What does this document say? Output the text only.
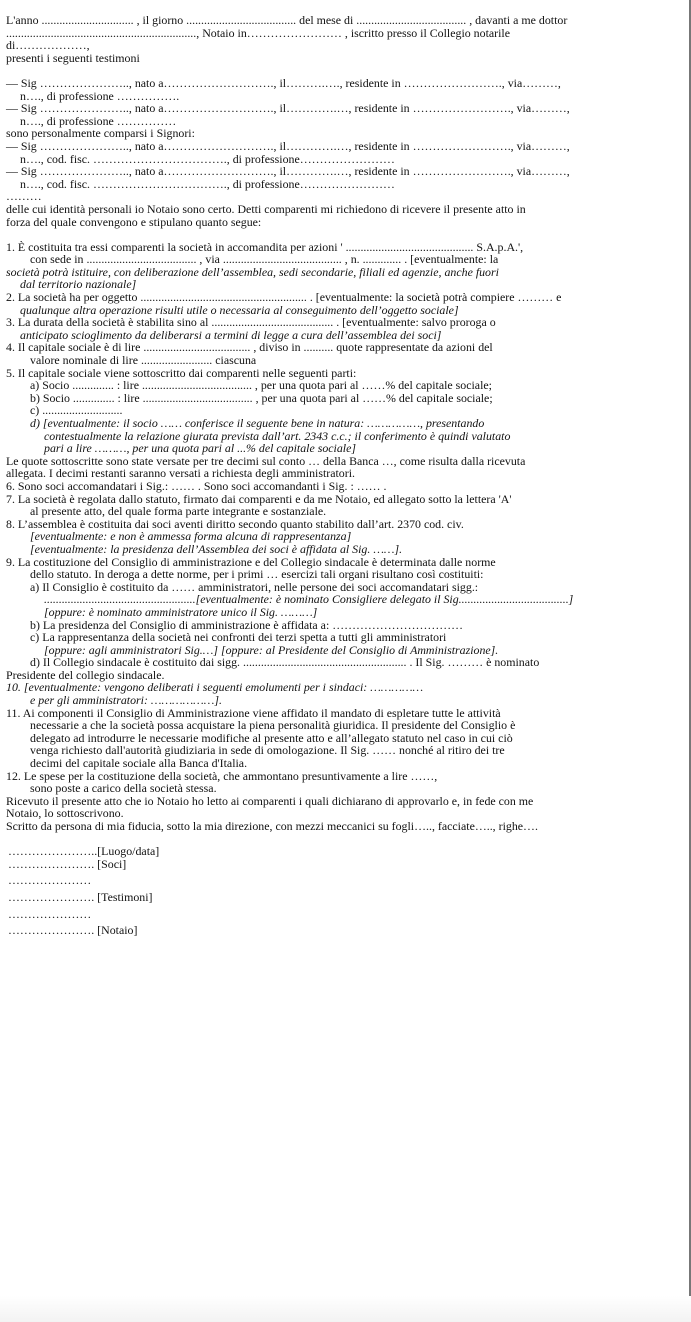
L'anno ............................... , il giorno ..................................... del mese di ..................................... , davanti a me dottor

................................................................, Notaio in…………………… , iscritto presso il Collegio notarile

di………………,

presenti i seguenti testimoni

— Sig ………………….., nato a………………………., il……….…., residente in ……………………., via………,

n…., di professione …………….

— Sig ………………….., nato a………………………., il………….…, residente in ……………………., via………,

n…., di professione ……………

sono personalmente comparsi i Signori:

— Sig ………………….., nato a………………………., il………….…, residente in ……………………., via………,

n…., cod. fisc. ……………………………., di professione……………………

— Sig ………………….., nato a………………………., il………….…, residente in ……………………., via………,

n…., cod. fisc. ……………………………., di professione……………………

………

delle cui identità personali io Notaio sono certo. Detti comparenti mi richiedono di ricevere il presente atto in

forza del quale convengono e stipulano quanto segue:

1. È costituita tra essi comparenti la società in accomandita per azioni ' ........................................... S.A.p.A.',

con sede in ..................................... , via ........................................ , n. ............. . [eventualmente: la

società potrà istituire, con deliberazione dell’assemblea, sedi secondarie, filiali ed agenzie, anche fuori

dal territorio nazionale]

2. La società ha per oggetto ........................................................ . [eventualmente: la società potrà compiere ……… e

qualunque altra operazione risulti utile o necessaria al conseguimento dell’oggetto sociale]

3. La durata della società è stabilita sino al ......................................... . [eventualmente: salvo proroga o

anticipato scioglimento da deliberarsi a termini di legge a cura dell’assemblea dei soci]

4. Il capitale sociale è di lire .................................... , diviso in .......... quote rappresentate da azioni del

valore nominale di lire ........................ ciascuna

5. Il capitale sociale viene sottoscritto dai comparenti nelle seguenti parti:

a) Socio .............. : lire ..................................... , per una quota pari al ……% del capitale sociale;

b) Socio .............. : lire ..................................... , per una quota pari al ……% del capitale sociale;

c) ...........................

d) [eventualmente: il socio …… conferisce il seguente bene in natura: ……………, presentando

contestualmente la relazione giurata prevista dall’art. 2343 c.c.; il conferimento è quindi valutato

pari a lire ………, per una quota pari al ...% del capitale sociale]

Le quote sottoscritte sono state versate per tre decimi sul conto … della Banca …, come risulta dalla ricevuta

allegata. I decimi restanti saranno versati a richiesta degli amministratori.

6. Sono soci accomandatari i Sig.: …… . Sono soci accomandanti i Sig. : …… .

7. La società è regolata dallo statuto, firmato dai comparenti e da me Notaio, ed allegato sotto la lettera 'A'

al presente atto, del quale forma parte integrante e sostanziale.

8. L’assemblea è costituita dai soci aventi diritto secondo quanto stabilito dall’art. 2370 cod. civ.

[eventualmente: e non è ammessa forma alcuna di rappresentanza]

[eventualmente: la presidenza dell’Assemblea dei soci è affidata al Sig. ……].

9. La costituzione del Consiglio di amministrazione e del Collegio sindacale è determinata dalle norme

dello statuto. In deroga a dette norme, per i primi … esercizi tali organi risultano così costituiti:

a) Il Consiglio è costituito da …… amministratori, nelle persone dei soci accomandatari sigg.:

...................................................[eventualmente: è nominato Consigliere delegato il Sig.....................................]

[oppure: è nominato amministratore unico il Sig. ………]

b) La presidenza del Consiglio di amministrazione è affidata a: ……………………………

c) La rappresentanza della società nei confronti dei terzi spetta a tutti gli amministratori

[oppure: agli amministratori Sig.…] [oppure: al Presidente del Consiglio di Amministrazione].

d) Il Collegio sindacale è costituito dai sigg. ....................................................... . Il Sig. ……… è nominato

Presidente del collegio sindacale.

10. [eventualmente: vengono deliberati i seguenti emolumenti per i sindaci: ……………

e per gli amministratori: ………………].

11. Ai componenti il Consiglio di Amministrazione viene affidato il mandato di espletare tutte le attività

necessarie a che la società possa acquistare la piena personalità giuridica. Il presidente del Consiglio è

delegato ad introdurre le necessarie modifiche al presente atto e all’allegato statuto nel caso in cui ciò

venga richiesto dall'autorità giudiziaria in sede di omologazione. Il Sig. …… nonché al ritiro dei tre

decimi del capitale sociale alla Banca d'Italia.

12. Le spese per la costituzione della società, che ammontano presuntivamente a lire ……,

sono poste a carico della società stessa.

Ricevuto il presente atto che io Notaio ho letto ai comparenti i quali dichiarano di approvarlo e, in fede con me

Notaio, lo sottoscrivono.

Scritto da persona di mia fiducia, sotto la mia direzione, con mezzi meccanici su fogli….., facciate….., righe….

…………………..[Luogo/data]

…………………. [Soci]

…………………

…………………. [Testimoni]

…………………

…………………. [Notaio]
